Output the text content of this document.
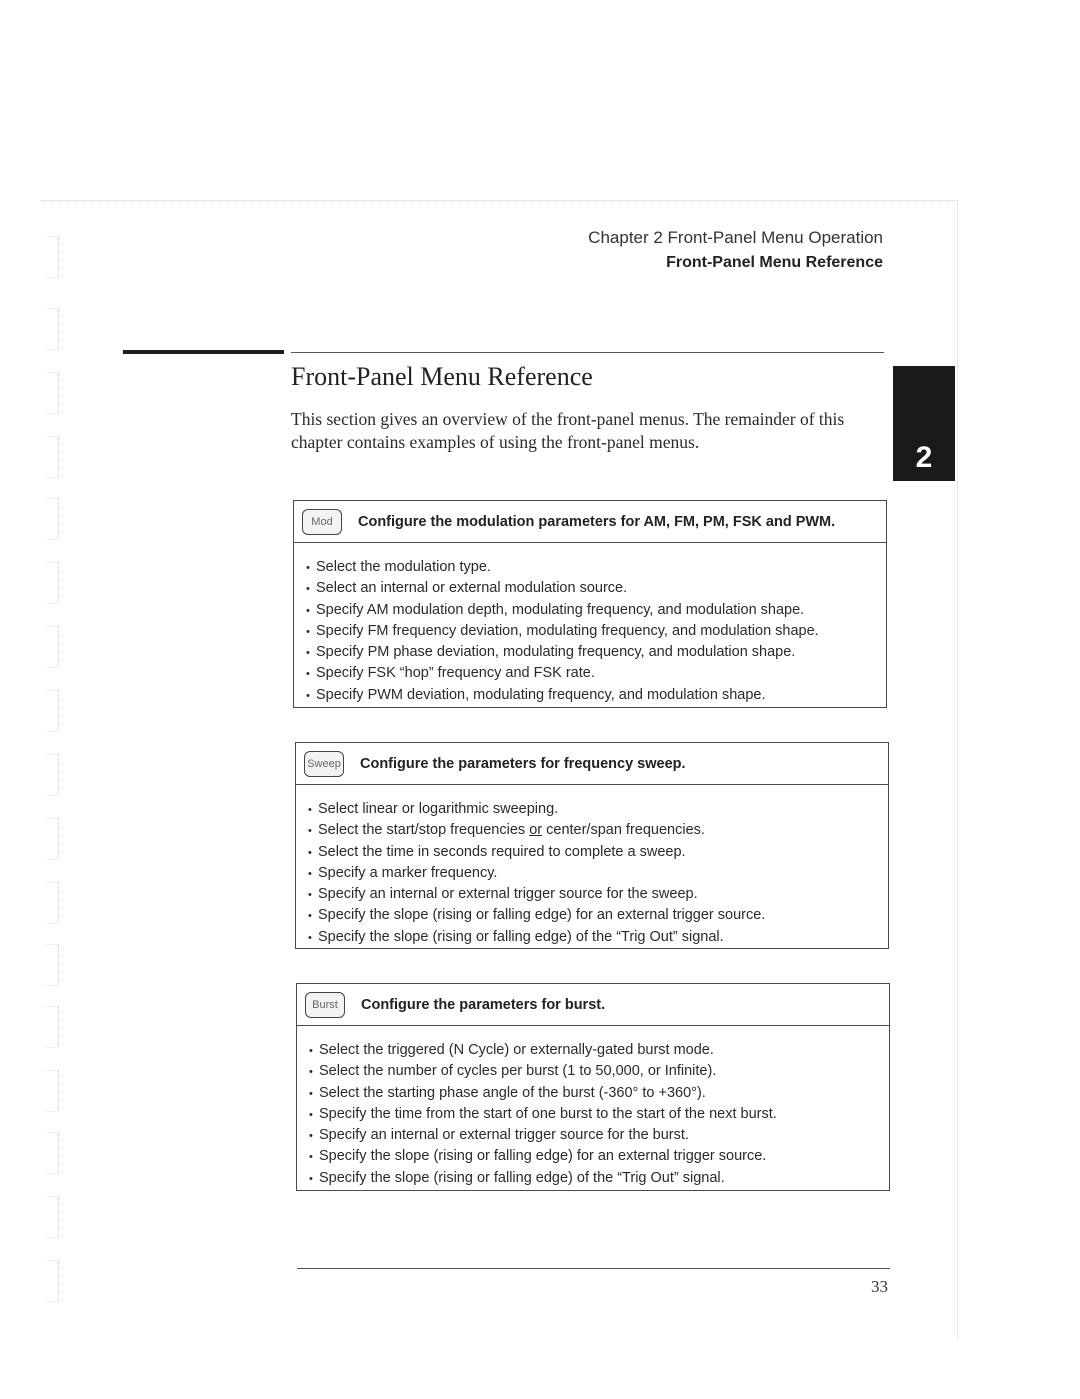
Chapter 2 Front-Panel Menu Operation
Front-Panel Menu Reference
Front-Panel Menu Reference

This section gives an overview of the front-panel menus. The remainder of this chapter contains examples of using the front-panel menus.	2
Mod	Configure the modulation parameters for AM, FM, PM, FSK and PWM.
• Select the modulation type.
• Select an internal or external modulation source.
• Specify AM modulation depth, modulating frequency, and modulation shape.
• Specify FM frequency deviation, modulating frequency, and modulation shape.
• Specify PM phase deviation, modulating frequency, and modulation shape.
• Specify FSK “hop” frequency and FSK rate.
• Specify PWM deviation, modulating frequency, and modulation shape.
Sweep Configure the parameters for frequency sweep.
• Select linear or logarithmic sweeping.
• Select the start/stop frequencies or center/span frequencies.
• Select the time in seconds required to complete a sweep.
• Specify a marker frequency.
• Specify an internal or external trigger source for the sweep.
• Specify the slope (rising or falling edge) for an external trigger source.
• Specify the slope (rising or falling edge) of the “Trig Out” signal.
Burst	Configure the parameters for burst.
• Select the triggered (N Cycle) or externally-gated burst mode.
• Select the number of cycles per burst (1 to 50,000, or Infinite).
• Select the starting phase angle of the burst (-360° to +360°).
• Specify the time from the start of one burst to the start of the next burst.
• Specify an internal or external trigger source for the burst.
• Specify the slope (rising or falling edge) for an external trigger source.
• Specify the slope (rising or falling edge) of the “Trig Out” signal.
33
